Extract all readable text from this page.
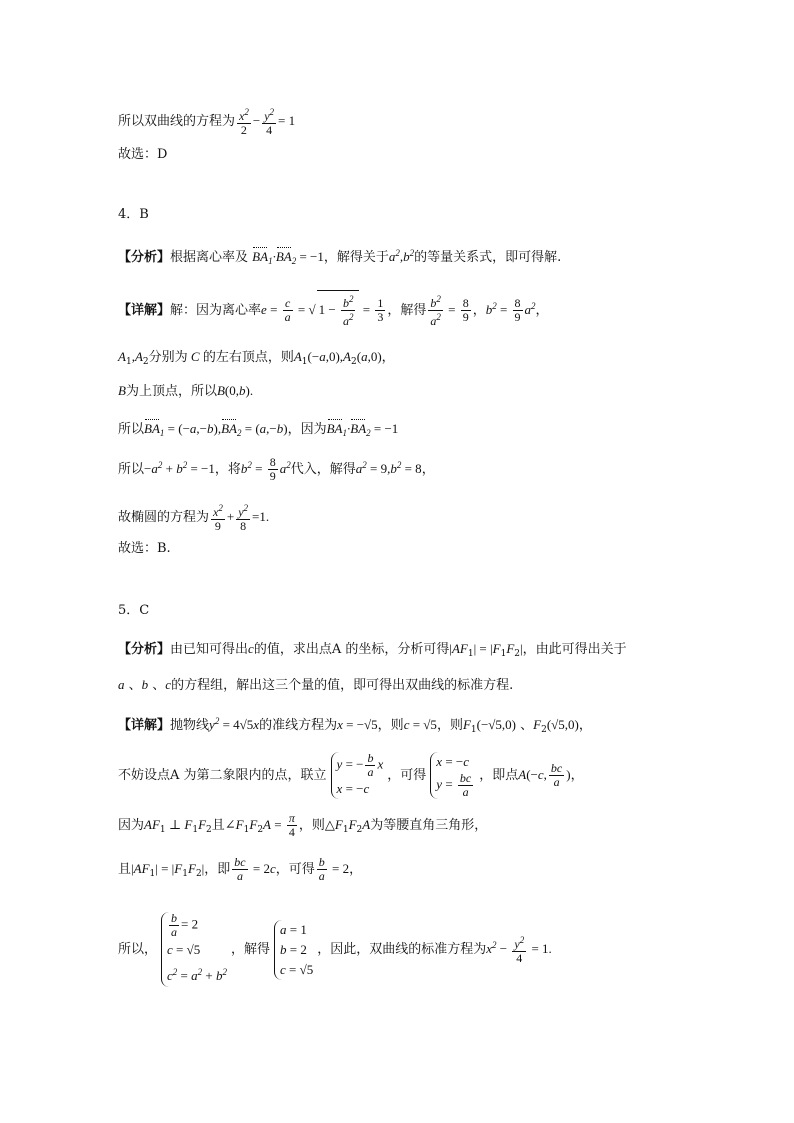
所以双曲线的方程为 $\frac{x^2}{2} - \frac{y^2}{4} = 1$
故选：D
4．B
【分析】根据离心率及 $BA_1\cdot BA_2 = -1$，解得关于$a^2,b^2$的等量关系式，即可得解.
【详解】解：因为离心率$e = \frac{c}{a}$ = √ $1 - \frac{b^2}{a^2} = \frac{1}{3}$ ，解得 $\frac{b^2}{a^2} = \frac{8}{9}$ ，$b^2 = \frac{8}{9} a^2$，
$A_1,A_2$分别为 C 的左右顶点，则$A_1(-a,0),A_2(a,0)$，
B为上顶点，所以B(0,b).
所以$BA_1 = (-a,-b),BA_2 = (a,-b)$，因为$BA_1\cdot BA_2 = -1$
所以$-a^2 + b^2 = -1$，将$b^2 = \frac{8}{9} a^2$代入，解得$a^2 = 9,b^2 = 8$，
故椭圆的方程为 $\frac{x^2}{9} + \frac{y^2}{8} =1$.
故选：B.
5．C
【分析】由已知可得出c的值，求出点A 的坐标，分析可得$|AF_1| = |F_1F_2|$，由此可得出关于
a 、b 、c的方程组，解出这三个量的值，即可得出双曲线的标准方程.
【详解】抛物线$y^2 = 4√5x$的准线方程为x = −√5，则c = √5，则$F_1(-√5,0)$ 、$F_2(√5,0)$，
不妨设点A 为第二象限内的点，联立y = − $\frac{b}{a}$ x
x = −c，可得x = −c
$y = \frac{bc}{a}$ ，即点A(−c, $\frac{bc}{a}$ )，
因为$AF_1$ ⊥ $F_1F_2$且$\angle F_1F_2A = \frac{\pi}{4}$ ，则$\triangle F_1F_2A$为等腰直角三角形，
且$|AF_1| = |F_1F_2|$，即 $\frac{bc}{a} = 2c$，可得 $\frac{b}{a} = 2$，
所以，
$\frac{b}{a} = 2$
c = √5
$c^2 = a^2 + b^2$，解得a = 1
b = 2
c = √5，因此，双曲线的标准方程为$x^2 - \frac{y^2}{4} = 1$.
